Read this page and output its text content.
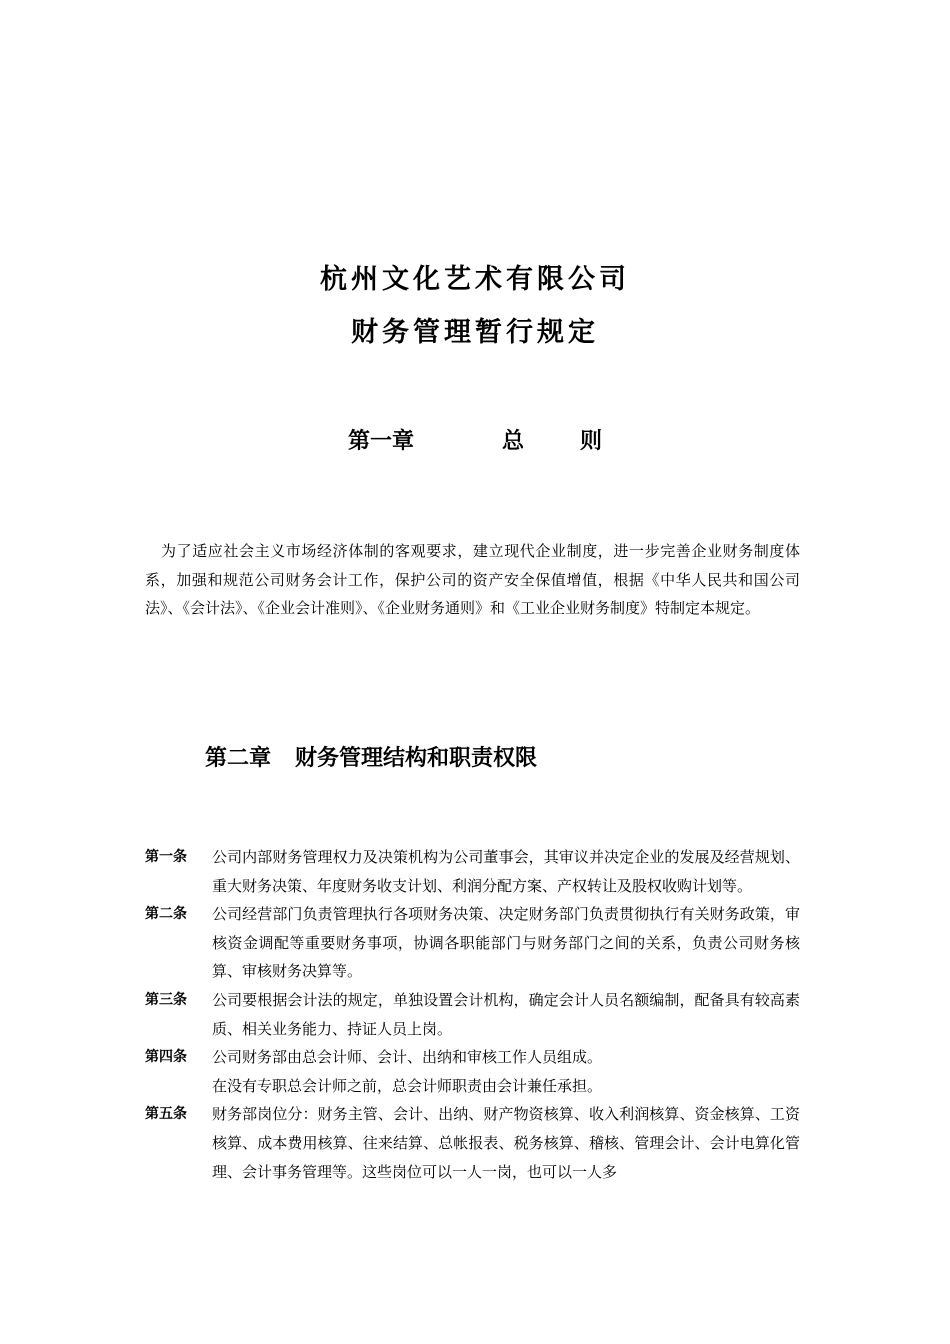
杭州文化艺术有限公司
财务管理暂行规定
第一章	总	则
为了适应社会主义市场经济体制的客观要求，建立现代企业制度，进一步完善企业财务制度体系，加强和规范公司财务会计工作，保护公司的资产安全保值增值，根据《中华人民共和国公司法》、《会计法》、《企业会计准则》、《企业财务通则》和《工业企业财务制度》特制定本规定。
第二章 财务管理结构和职责权限
第一条	公司内部财务管理权力及决策机构为公司董事会，其审议并决定企业的发展及经营规划、重大财务决策、年度财务收支计划、利润分配方案、产权转让及股权收购计划等。

第二条	公司经营部门负责管理执行各项财务决策、决定财务部门负责贯彻执行有关财务政策，审核资金调配等重要财务事项，协调各职能部门与财务部门之间的关系，负责公司财务核算、审核财务决算等。

第三条	公司要根据会计法的规定，单独设置会计机构，确定会计人员名额编制，配备具有较高素质、相关业务能力、持证人员上岗。

第四条	公司财务部由总会计师、会计、出纳和审核工作人员组成。

在没有专职总会计师之前，总会计师职责由会计兼任承担。

第五条	财务部岗位分：财务主管、会计、出纳、财产物资核算、收入利润核算、资金核算、工资核算、成本费用核算、往来结算、总帐报表、税务核算、稽核、管理会计、会计电算化管理、会计事务管理等。这些岗位可以一人一岗，也可以一人多
